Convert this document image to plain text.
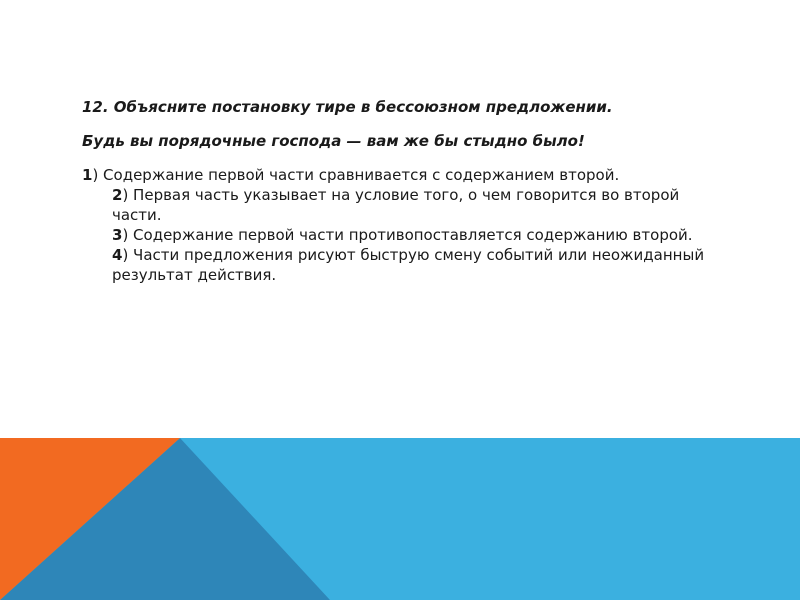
12. Объясните постановку тире в бессоюзном предложении.

Будь вы порядочные господа — вам же бы стыдно было!

1) Содержание первой части сравнивается с содержанием второй.

2) Первая часть указывает на условие того, о чем говорится во второй части.

3) Содержание первой части противопоставляется содержанию второй.

4) Части предложения рисуют быструю смену событий или неожиданный результат действия.
